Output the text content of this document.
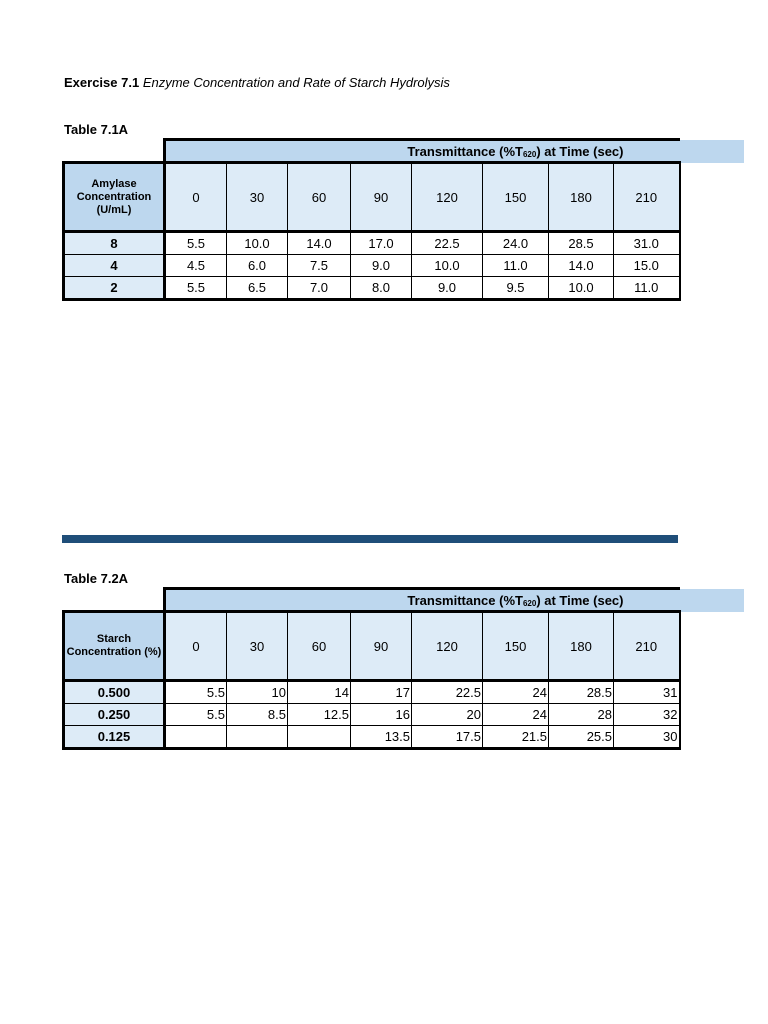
Exercise 7.1 Enzyme Concentration and Rate of Starch Hydrolysis
Table 7.1A
	Transmittance $(\%T_{620})$ at Time (sec)							
Amylase Concentration (U/mL)	0	30	60	90	120	150	180	210
8	5.5	10.0	14.0	17.0	22.5	24.0	28.5	31.0
4	4.5	6.0	7.5	9.0	10.0	11.0	14.0	15.0
2	5.5	6.5	7.0	8.0	9.0	9.5	10.0	11.0
Table 7.2A
	Transmittance $(\%T_{620})$ at Time (sec)							
Starch Concentration (%)	0	30	60	90	120	150	180	210
0.500	5.5	10	14	17	22.5	24	28.5	31
0.250	5.5	8.5	12.5	16	20	24	28	32
0.125				13.5	17.5	21.5	25.5	30
